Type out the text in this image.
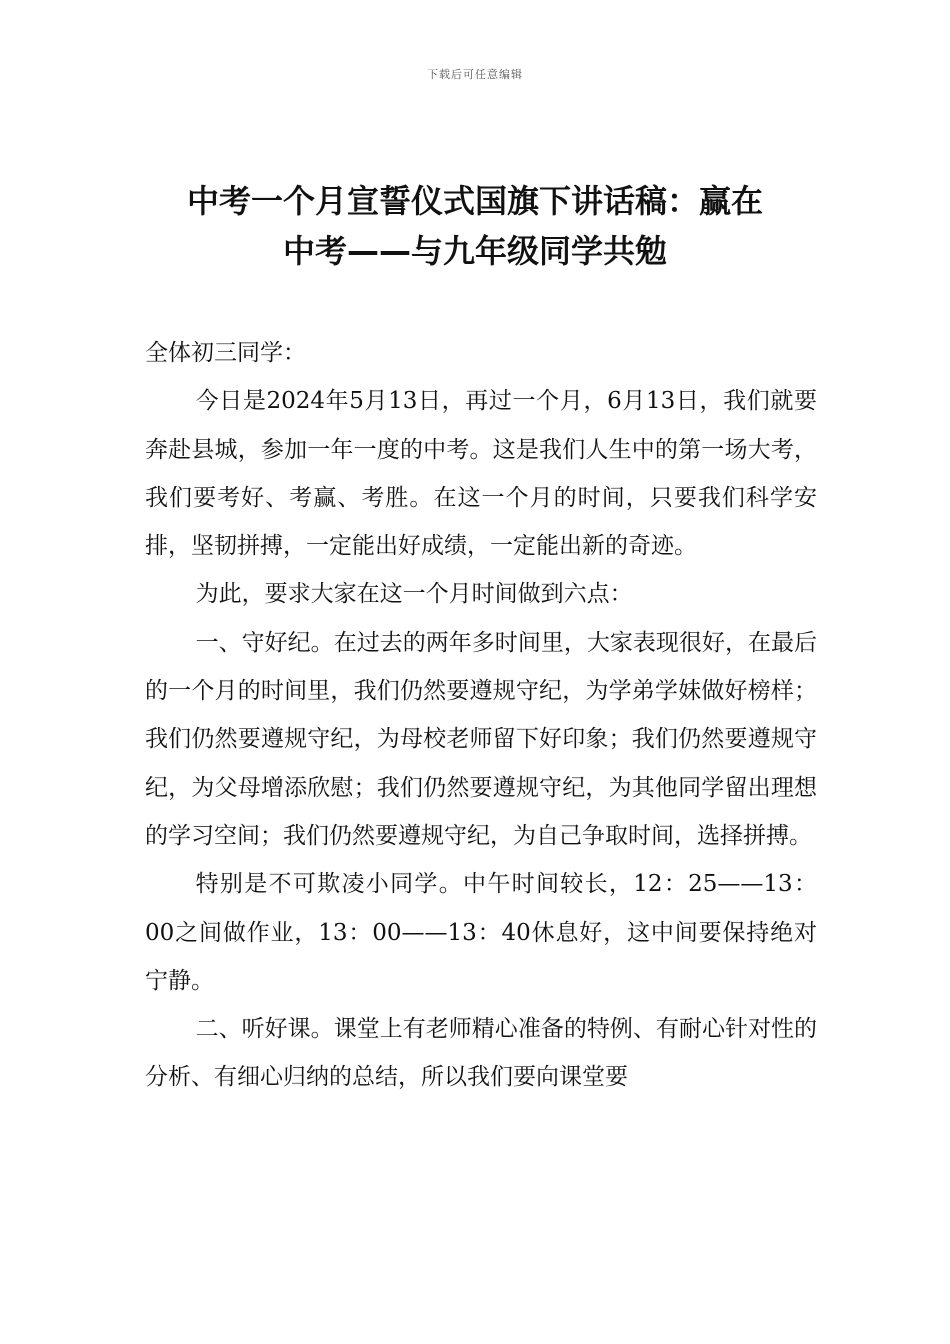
下载后可任意编辑
中考一个月宣誓仪式国旗下讲话稿：赢在
中考——与九年级同学共勉

全体初三同学：

今日是2024年5月13日，再过一个月，6月13日，我们就要奔赴县城，参加一年一度的中考。这是我们人生中的第一场大考，我们要考好、考赢、考胜。在这一个月的时间，只要我们科学安排，坚韧拼搏，一定能出好成绩，一定能出新的奇迹。

为此，要求大家在这一个月时间做到六点：

一、守好纪。在过去的两年多时间里，大家表现很好，在最后的一个月的时间里，我们仍然要遵规守纪，为学弟学妹做好榜样；我们仍然要遵规守纪，为母校老师留下好印象；我们仍然要遵规守纪，为父母增添欣慰；我们仍然要遵规守纪，为其他同学留出理想的学习空间；我们仍然要遵规守纪，为自己争取时间，选择拼搏。

特别是不可欺凌小同学。中午时间较长，12：25——13：00之间做作业，13：00——13：40休息好，这中间要保持绝对宁静。

二、听好课。课堂上有老师精心准备的特例、有耐心针对性的分析、有细心归纳的总结，所以我们要向课堂要
